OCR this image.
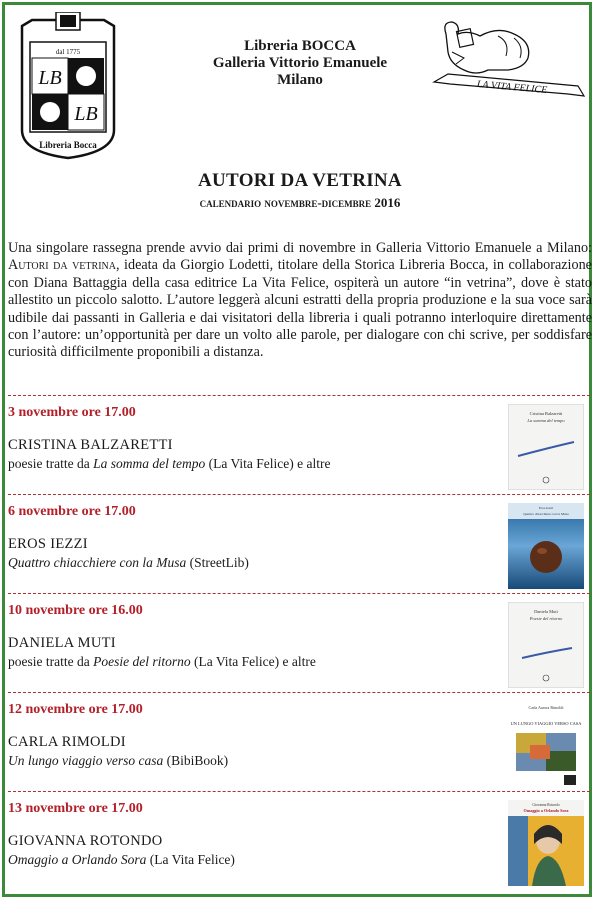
dal 1775
LB
LB
Libreria Bocca
Libreria BOCCA
Galleria Vittorio Emanuele
Milano	LA VITA FELICE
AUTORI DA VETRINA
calendario novembre-dicembre 2016
Una singolare rassegna prende avvio dai primi di novembre in Galleria Vittorio Emanuele a Milano: Autori da vetrina, ideata da Giorgio Lodetti, titolare della Storica Libreria Bocca, in collaborazione con Diana Battaggia della casa editrice La Vita Felice, ospiterà un autore “in vetrina”, dove è stato allestito un piccolo salotto. L’autore leggerà alcuni estratti della propria produzione e la sua voce sarà udibile dai passanti in Galleria e dai visitatori della libreria i quali potranno interloquire direttamente con l’autore: un’opportunità per dare un volto alle parole, per dialogare con chi scrive, per soddisfare curiosità difficilmente proponibili a distanza.
3 novembre ore 17.00
CRISTINA BALZARETTI
poesie tratte da La somma del tempo (La Vita Felice) e altre
Cristina Balzaretti
La somma del tempo
6 novembre ore 17.00
EROS IEZZI
Quattro chiacchiere con la Musa (StreetLib)
Eros Iezzi
Quattro chiacchiere con la Musa
10 novembre ore 16.00
DANIELA MUTI
poesie tratte da Poesie del ritorno (La Vita Felice) e altre
Daniela Muti
Poesie del ritorno
12 novembre ore 17.00
CARLA RIMOLDI
Un lungo viaggio verso casa (BibiBook)
Carla Aurora Rimoldi
UN LUNGO VIAGGIO VERSO CASA
13 novembre ore 17.00
GIOVANNA ROTONDO
Omaggio a Orlando Sora (La Vita Felice)
Giovanna Rotondo
Omaggio a Orlando Sora
